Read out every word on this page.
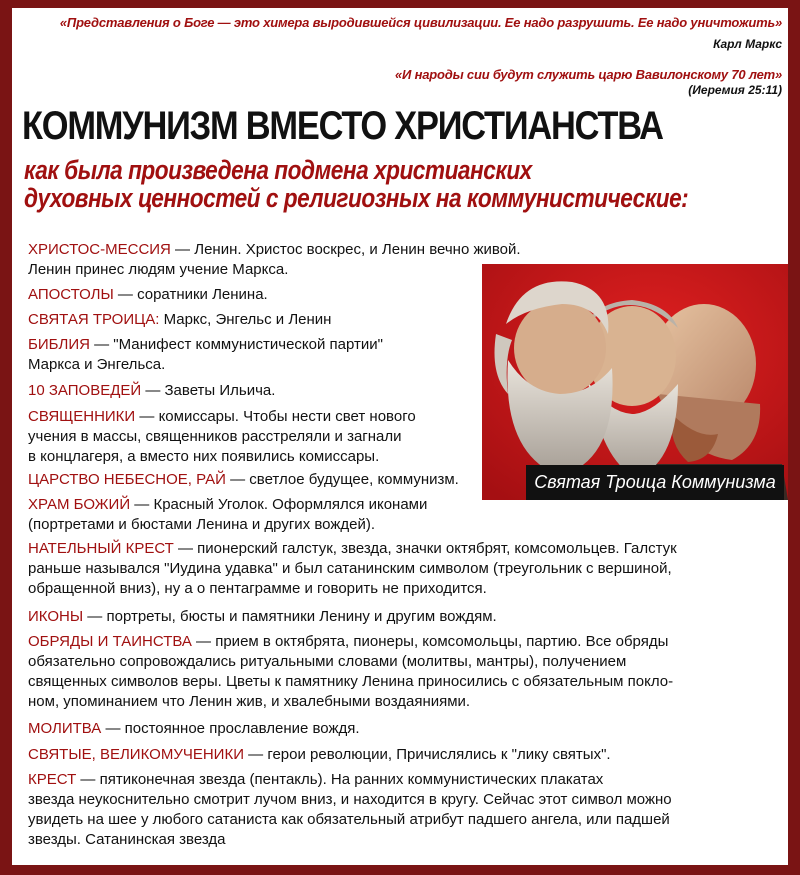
«Представления о Боге — это химера выродившейся цивилизации. Ее надо разрушить. Ее надо уничтожить»
Карл Маркс
«И народы сии будут служить царю Вавилонскому 70 лет»
(Иеремия 25:11)
КОММУНИЗМ ВМЕСТО ХРИСТИАНСТВА
как была произведена подмена христианских
духовных ценностей с религиозных на коммунистические:
Святая Троица Коммунизма
ХРИСТОС-МЕССИЯ — Ленин. Христос воскрес, и Ленин вечно живой.
Ленин принес людям учение Маркса.
АПОСТОЛЫ — соратники Ленина.
СВЯТАЯ ТРОИЦА: Маркс, Энгельс и Ленин
БИБЛИЯ — "Манифест коммунистической партии"
Маркса и Энгельса.
10 ЗАПОВЕДЕЙ — Заветы Ильича.
СВЯЩЕННИКИ — комиссары. Чтобы нести свет нового
учения в массы, священников расстреляли и загнали
в концлагеря, а вместо них появились комиссары.
ЦАРСТВО НЕБЕСНОЕ, РАЙ — светлое будущее, коммунизм.
ХРАМ БОЖИЙ — Красный Уголок. Оформлялся иконами
(портретами и бюстами Ленина и других вождей).
НАТЕЛЬНЫЙ КРЕСТ — пионерский галстук, звезда, значки октябрят, комсомольцев. Галстук
раньше назывался "Иудина удавка" и был сатанинским символом (треугольник с вершиной,
обращенной вниз), ну а о пентаграмме и говорить не приходится.
ИКОНЫ — портреты, бюсты и памятники Ленину и другим вождям.
ОБРЯДЫ И ТАИНСТВА — прием в октябрята, пионеры, комсомольцы, партию. Все обряды
обязательно сопровождались ритуальными словами (молитвы, мантры), получением
священных символов веры. Цветы к памятнику Ленина приносились с обязательным покло-
ном, упоминанием что Ленин жив, и хвалебными воздаяниями.
МОЛИТВА — постоянное прославление вождя.
СВЯТЫЕ, ВЕЛИКОМУЧЕНИКИ — герои революции, Причислялись к "лику святых".
КРЕСТ — пятиконечная звезда (пентакль). На ранних коммунистических плакатах
звезда неукоснительно смотрит лучом вниз, и находится в кругу. Сейчас этот символ можно
увидеть на шее у любого сатаниста как обязательный атрибут падшего ангела, или падшей
звезды. Сатанинская звезда
